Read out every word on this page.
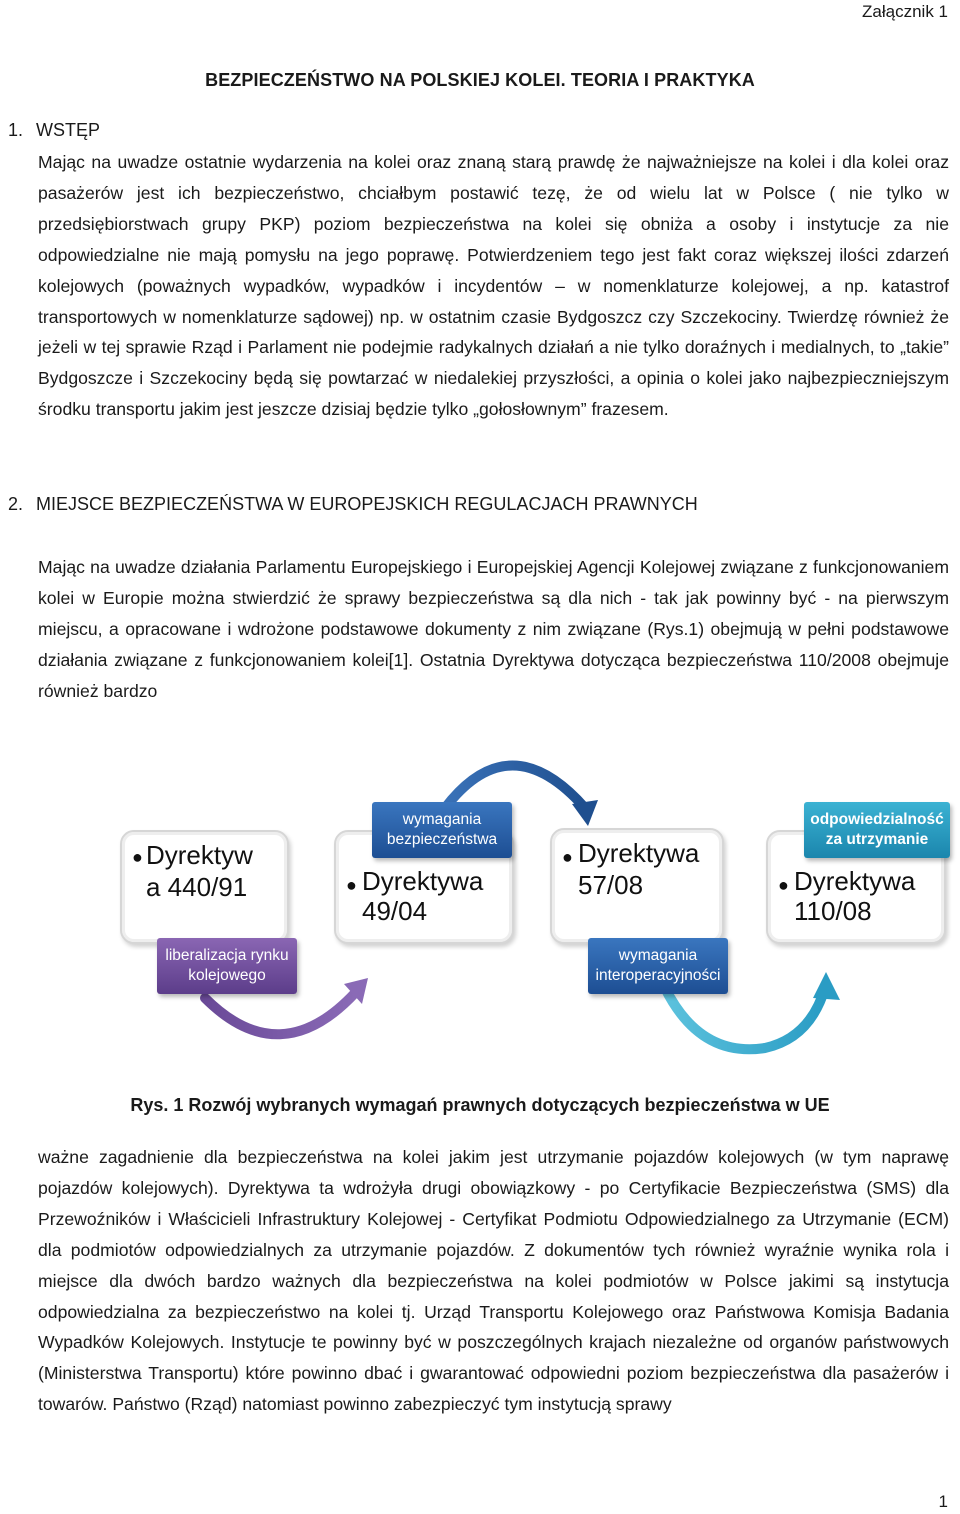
Załącznik 1
BEZPIECZEŃSTWO NA POLSKIEJ KOLEI. TEORIA I PRAKTYKA
1. WSTĘP

Mając na uwadze ostatnie wydarzenia na kolei oraz znaną starą prawdę że najważniejsze na kolei i dla kolei oraz pasażerów jest ich bezpieczeństwo, chciałbym postawić tezę, że od wielu lat w Polsce ( nie tylko w przedsiębiorstwach grupy PKP) poziom bezpieczeństwa na kolei się obniża a osoby i instytucje za nie odpowiedzialne nie mają pomysłu na jego poprawę. Potwierdzeniem tego jest fakt coraz większej ilości zdarzeń kolejowych (poważnych wypadków, wypadków i incydentów – w nomenklaturze kolejowej, a np. katastrof transportowych w nomenklaturze sądowej) np. w ostatnim czasie Bydgoszcz czy Szczekociny. Twierdzę również że jeżeli w tej sprawie Rząd i Parlament nie podejmie radykalnych działań a nie tylko doraźnych i medialnych, to „takie” Bydgoszcze i Szczekociny będą się powtarzać w niedalekiej przyszłości, a opinia o kolei jako najbezpieczniejszym środku transportu jakim jest jeszcze dzisiaj będzie tylko „gołosłownym” frazesem.

2. MIEJSCE BEZPIECZEŃSTWA W EUROPEJSKICH REGULACJACH PRAWNYCH

Mając na uwadze działania Parlamentu Europejskiego i Europejskiej Agencji Kolejowej związane z funkcjonowaniem kolei w Europie można stwierdzić że sprawy bezpieczeństwa są dla nich - tak jak powinny być - na pierwszym miejscu, a opracowane i wdrożone podstawowe dokumenty z nim związane (Rys.1) obejmują w pełni podstawowe działania związane z funkcjonowaniem kolei[1]. Ostatnia Dyrektywa dotycząca bezpieczeństwa 110/2008 obejmuje również bardzo

● Dyrektyw
a 440/91
liberalizacja rynku kolejowego
● Dyrektywa
49/04
wymagania bezpieczeństwa
● Dyrektywa
57/08
wymagania interoperacyjności
● Dyrektywa
110/08
odpowiedzialność za utrzymanie
Rys. 1 Rozwój wybranych wymagań prawnych dotyczących bezpieczeństwa w UE

ważne zagadnienie dla bezpieczeństwa na kolei jakim jest utrzymanie pojazdów kolejowych (w tym naprawę pojazdów kolejowych). Dyrektywa ta wdrożyła drugi obowiązkowy - po Certyfikacie Bezpieczeństwa (SMS) dla Przewoźników i Właścicieli Infrastruktury Kolejowej - Certyfikat Podmiotu Odpowiedzialnego za Utrzymanie (ECM) dla podmiotów odpowiedzialnych za utrzymanie pojazdów. Z dokumentów tych również wyraźnie wynika rola i miejsce dla dwóch bardzo ważnych dla bezpieczeństwa na kolei podmiotów w Polsce jakimi są instytucja odpowiedzialna za bezpieczeństwo na kolei tj. Urząd Transportu Kolejowego oraz Państwowa Komisja Badania Wypadków Kolejowych. Instytucje te powinny być w poszczególnych krajach niezależne od organów państwowych (Ministerstwa Transportu) które powinno dbać i gwarantować odpowiedni poziom bezpieczeństwa dla pasażerów i towarów. Państwo (Rząd) natomiast powinno zabezpieczyć tym instytucją sprawy

1
